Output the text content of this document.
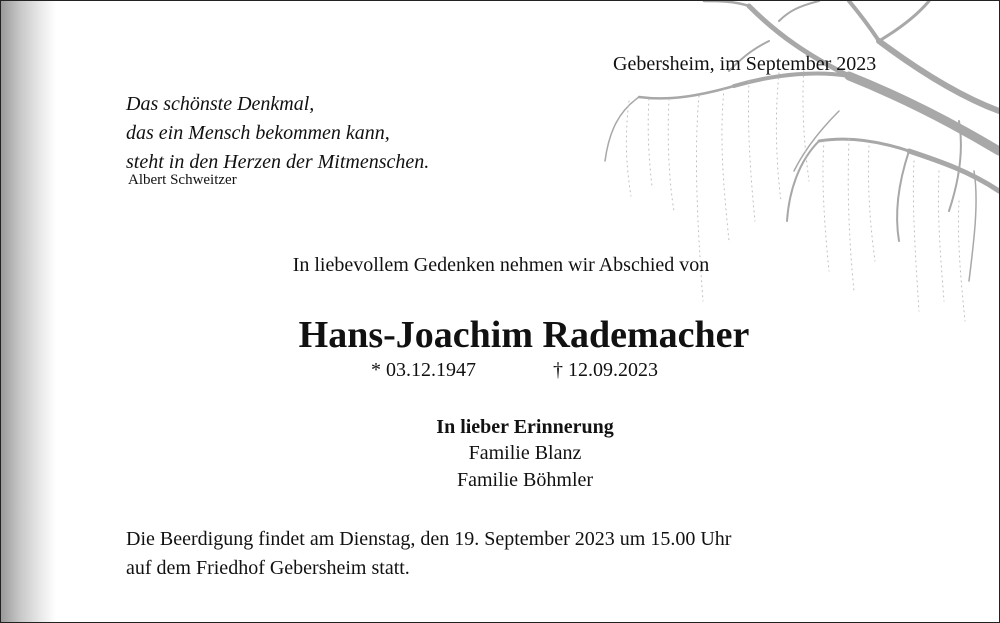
Gebersheim, im September 2023
Das schönste Denkmal,
das ein Mensch bekommen kann,
steht in den Herzen der Mitmenschen.
Albert Schweitzer
In liebevollem Gedenken nehmen wir Abschied von
Hans-Joachim Rademacher
* 03.12.1947	† 12.09.2023
In lieber Erinnerung
Familie Blanz
Familie Böhmler
Die Beerdigung findet am Dienstag, den 19. September 2023 um 15.00 Uhr
auf dem Friedhof Gebersheim statt.
